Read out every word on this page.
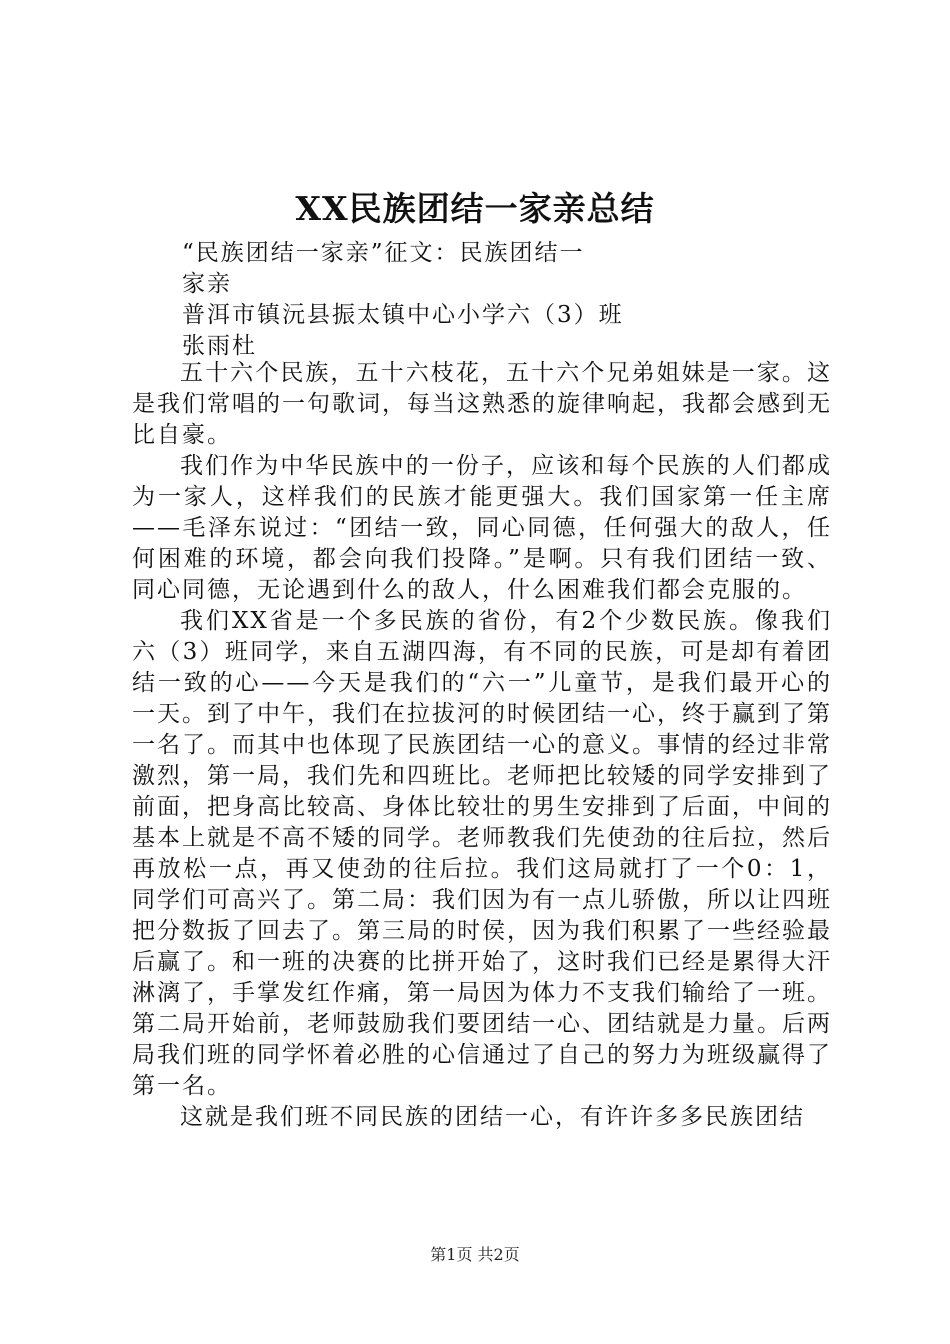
XX民族团结一家亲总结
“民族团结一家亲”征文：民族团结一
家亲
普洱市镇沅县振太镇中心小学六（3）班
张雨杜

五十六个民族，五十六枝花，五十六个兄弟姐妹是一家。这是我们常唱的一句歌词，每当这熟悉的旋律响起，我都会感到无比自豪。

我们作为中华民族中的一份子，应该和每个民族的人们都成为一家人，这样我们的民族才能更强大。我们国家第一任主席——毛泽东说过：“团结一致，同心同德，任何强大的敌人，任何困难的环境，都会向我们投降。”是啊。只有我们团结一致、同心同德，无论遇到什么的敌人，什么困难我们都会克服的。

我们XX省是一个多民族的省份，有2个少数民族。像我们六（3）班同学，来自五湖四海，有不同的民族，可是却有着团结一致的心——今天是我们的“六一”儿童节，是我们最开心的一天。到了中午，我们在拉拔河的时候团结一心，终于赢到了第一名了。而其中也体现了民族团结一心的意义。事情的经过非常激烈，第一局，我们先和四班比。老师把比较矮的同学安排到了前面，把身高比较高、身体比较壮的男生安排到了后面，中间的基本上就是不高不矮的同学。老师教我们先使劲的往后拉，然后再放松一点，再又使劲的往后拉。我们这局就打了一个0：1，同学们可高兴了。第二局：我们因为有一点儿骄傲，所以让四班把分数扳了回去了。第三局的时侯，因为我们积累了一些经验最后赢了。和一班的决赛的比拼开始了，这时我们已经是累得大汗淋漓了，手掌发红作痛，第一局因为体力不支我们输给了一班。第二局开始前，老师鼓励我们要团结一心、团结就是力量。后两局我们班的同学怀着必胜的心信通过了自己的努力为班级赢得了第一名。

这就是我们班不同民族的团结一心，有许许多多民族团结

第1页 共2页
